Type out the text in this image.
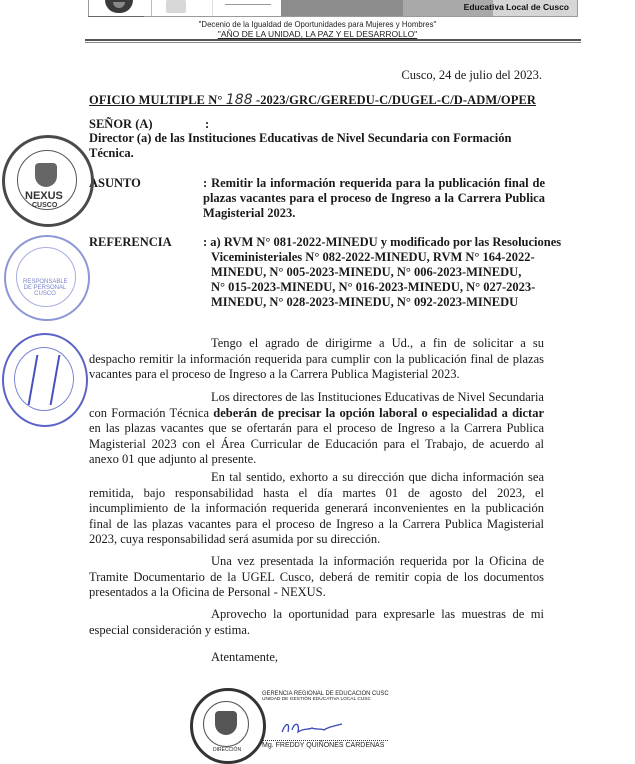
Educativa Local de Cusco
"Decenio de la Igualdad de Oportunidades para Mujeres y Hombres"
"AÑO DE LA UNIDAD, LA PAZ Y EL DESARROLLO"
Cusco, 24 de julio del 2023.
OFICIO MULTIPLE N° 188 -2023/GRC/GEREDU-C/DUGEL-C/D-ADM/OPER
SEÑOR (A)	:
Director (a) de las Instituciones Educativas de Nivel Secundaria con Formación Técnica.
ASUNTO	: Remitir la información requerida para la publicación final de plazas vacantes para el proceso de Ingreso a la Carrera Publica Magisterial 2023.
REFERENCIA	: a) RVM N° 081-2022-MINEDU y modificado por las Resoluciones
Viceministeriales N° 082-2022-MINEDU, RVM N° 164-2022-
MINEDU, N° 005-2023-MINEDU, N° 006-2023-MINEDU,
N° 015-2023-MINEDU, N° 016-2023-MINEDU, N° 027-2023-
MINEDU, N° 028-2023-MINEDU, N° 092-2023-MINEDU
Tengo el agrado de dirigirme a Ud., a fin de solicitar a su despacho remitir la información requerida para cumplir con la publicación final de plazas vacantes para el proceso de Ingreso a la Carrera Publica Magisterial 2023.
Los directores de las Instituciones Educativas de Nivel Secundaria con Formación Técnica deberán de precisar la opción laboral o especialidad a dictar en las plazas vacantes que se ofertarán para el proceso de Ingreso a la Carrera Publica Magisterial 2023 con el Área Curricular de Educación para el Trabajo, de acuerdo al anexo 01 que adjunto al presente.
En tal sentido, exhorto a su dirección que dicha información sea remitida, bajo responsabilidad hasta el día martes 01 de agosto del 2023, el incumplimiento de la información requerida generará inconvenientes en la publicación final de las plazas vacantes para el proceso de Ingreso a la Carrera Publica Magisterial 2023, cuya responsabilidad será asumida por su dirección.
Una vez presentada la información requerida por la Oficina de Tramite Documentario de la UGEL Cusco, deberá de remitir copia de los documentos presentados a la Oficina de Personal - NEXUS.
Aprovecho la oportunidad para expresarle las muestras de mi especial consideración y estima.
Atentamente,
NEXUS
CUSCO
RESPONSABLE DE PERSONAL CUSCO
DIRECCIÓN
GERENCIA REGIONAL DE EDUCACION CUSC
UNIDAD DE GESTIÓN EDUCATIVA LOCAL CUSC
Mg. FREDDY QUIÑONES CARDENAS
